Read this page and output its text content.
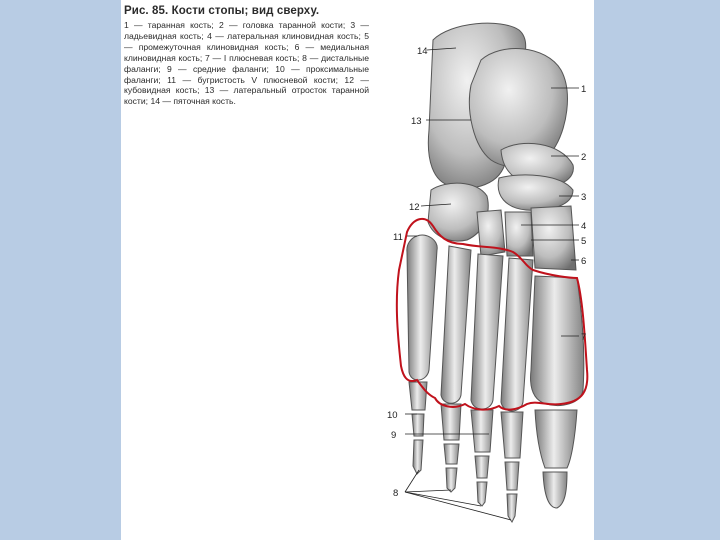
Рис. 85. Кости стопы; вид сверху.
1 — таранная кость; 2 — головка таранной кости; 3 — ладьевидная кость; 4 — латеральная клиновидная кость; 5 — промежуточная клиновидная кость; 6 — медиальная клиновидная кость; 7 — I плюсневая кость; 8 — дистальные фаланги; 9 — средние фаланги; 10 — проксимальные фаланги; 11 — бугристость V плюсневой кости; 12 — кубовидная кость; 13 — латеральный отросток таранной кости; 14 — пяточная кость.
14
1
13
2
3
12
4
11	5
6
7
10
9
8
